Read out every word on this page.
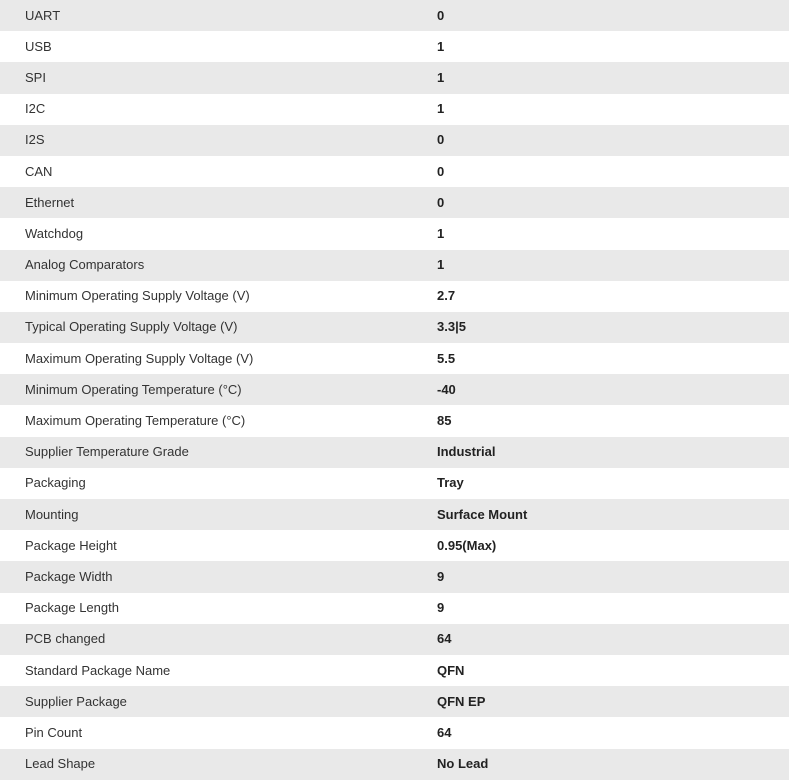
UART	0
USB	1
SPI	1
I2C	1
I2S	0
CAN	0
Ethernet	0
Watchdog	1
Analog Comparators	1
Minimum Operating Supply Voltage (V)	2.7
Typical Operating Supply Voltage (V)	3.3|5
Maximum Operating Supply Voltage (V)	5.5
Minimum Operating Temperature (°C)	-40
Maximum Operating Temperature (°C)	85
Supplier Temperature Grade	Industrial
Packaging	Tray
Mounting	Surface Mount
Package Height	0.95(Max)
Package Width	9
Package Length	9
PCB changed	64
Standard Package Name	QFN
Supplier Package	QFN EP
Pin Count	64
Lead Shape	No Lead
